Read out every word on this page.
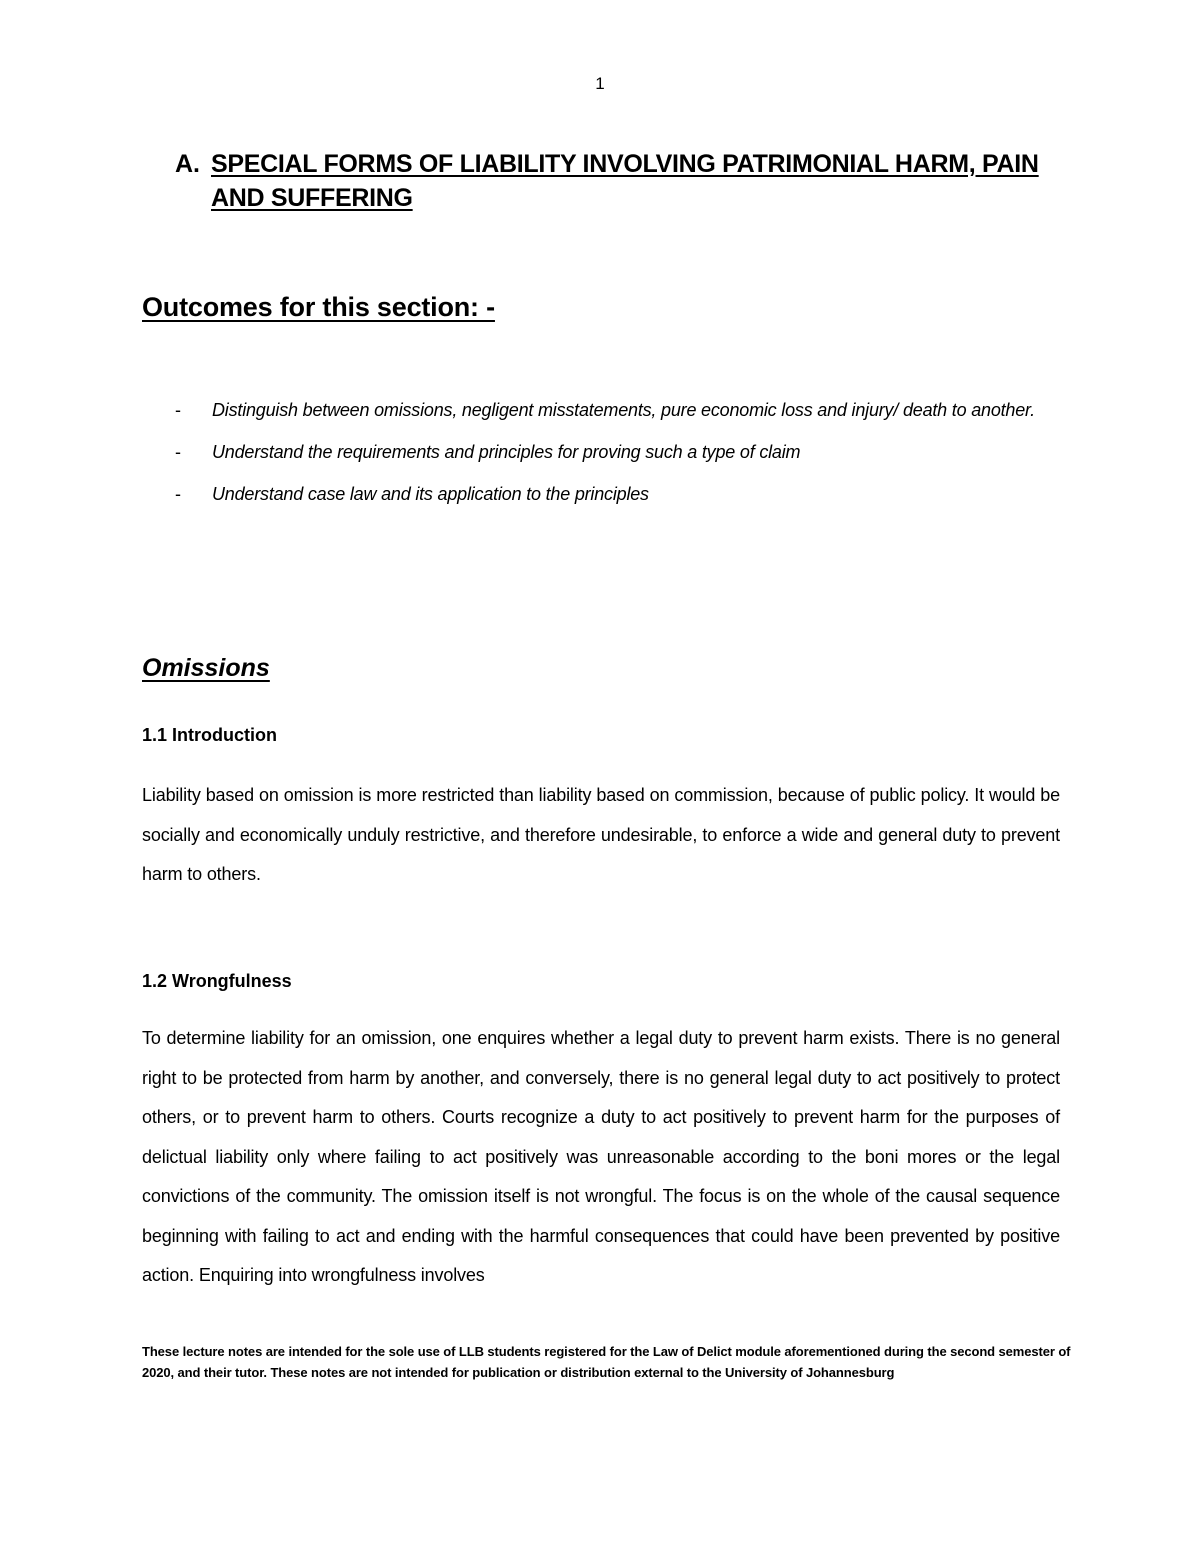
1
A. SPECIAL FORMS OF LIABILITY INVOLVING PATRIMONIAL HARM, PAIN AND SUFFERING
Outcomes for this section: -
- Distinguish between omissions, negligent misstatements, pure economic loss and injury/ death to another.
- Understand the requirements and principles for proving such a type of claim
- Understand case law and its application to the principles
Omissions
1.1 Introduction

Liability based on omission is more restricted than liability based on commission, because of public policy. It would be socially and economically unduly restrictive, and therefore undesirable, to enforce a wide and general duty to prevent harm to others.

1.2 Wrongfulness

To determine liability for an omission, one enquires whether a legal duty to prevent harm exists. There is no general right to be protected from harm by another, and conversely, there is no general legal duty to act positively to protect others, or to prevent harm to others. Courts recognize a duty to act positively to prevent harm for the purposes of delictual liability only where failing to act positively was unreasonable according to the boni mores or the legal convictions of the community. The omission itself is not wrongful. The focus is on the whole of the causal sequence beginning with failing to act and ending with the harmful consequences that could have been prevented by positive action. Enquiring into wrongfulness involves

These lecture notes are intended for the sole use of LLB students registered for the Law of Delict module aforementioned during the second semester of 2020, and their tutor. These notes are not intended for publication or distribution external to the University of Johannesburg
